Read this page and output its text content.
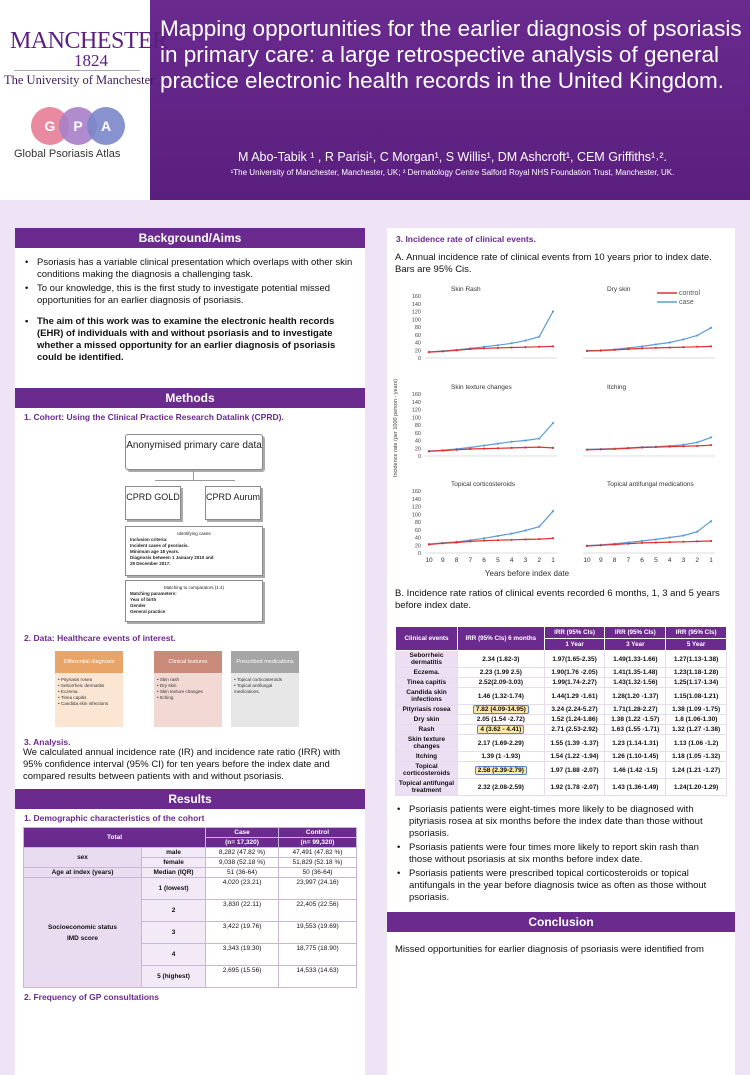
MANCHESTER
1824
The University of Manchester
G P A
Global Psoriasis Atlas
Mapping opportunities for the earlier diagnosis of psoriasis in primary care: a large retrospective analysis of general practice electronic health records in the United Kingdom.
M Abo-Tabik ¹ , R Parisi¹, C Morgan¹, S Willis¹, DM Ashcroft¹, CEM Griffiths¹˒².
¹The University of Manchester, Manchester, UK; ² Dermatology Centre Salford Royal NHS Foundation Trust, Manchester, UK.
Background/Aims
• Psoriasis has a variable clinical presentation which overlaps with other skin conditions making the diagnosis a challenging task.
• To our knowledge, this is the first study to investigate potential missed opportunities for an earlier diagnosis of psoriasis.
• The aim of this work was to examine the electronic health records (EHR) of individuals with and without psoriasis and to investigate whether a missed opportunity for an earlier diagnosis of psoriasis could be identified.
Methods
1. Cohort: Using the Clinical Practice Research Datalink (CPRD).
Anonymised primary care data
CPRD GOLD	CPRD Aurum
Identifying cases
Inclusion criteria:
Incident cases of psoriasis.
Minimum age 18 years.
Diagnosis between 1 January 2010 and
29 December 2017.
Matching to comparators (1:4)
Matching parameters:
Year of birth
Gender
General practice
2. Data: Healthcare events of interest.
Differential diagnosis
• Pityriasis rosea
• Seborrheic dermatitis
• Eczema.
• Tinea capitis
• Candida skin infections
Clinical features
• Skin rash
• Dry skin
• Skin texture changes
• Itching
Prescribed medications
• Topical corticosteroids
• Topical antifungal medications.
3. Analysis.
We calculated annual incidence rate (IR) and incidence rate ratio (IRR) with 95% confidence interval (95% CI) for ten years before the index date and compared results between patients with and without psoriasis.
Results
1. Demographic characteristics of the cohort
Total		Case	Control
		(n= 17,320)	(n= 99,320)
sex	male	8,282 (47.82 %)	47,491 (47.82 %)
	female	9,038 (52.18 %)	51,829 (52.18 %)
Age at index (years)	Median (IQR)	51 (36-64)	50 (36-64)

Socioeconomic status
IMD score	1 (lowest)	4,020 (23.21)	23,997 (24.16)
	2	3,830 (22.11)	22,405 (22.56)
	3	3,422 (19.76)	19,553 (19.69)
	4	3,343 (19.30)	18,775 (18.90)
	5 (highest)	2,695 (15.56)	14,533 (14.63)
2. Frequency of GP consultations
3. Incidence rate of clinical events.
A. Annual incidence rate of clinical events from 10 years prior to index date. Bars are 95% Cis.
Skin Rash
0
20
40
60
80
100
120
140
160
Dry skin
Skin texture changes
0
20
40
60
80
100
120
140
160
Itching
Topical corticosteroids
0
20
40
60
80
100
120
140
160
10 9 8 7 6 5 4 3 2 1
Topical antifungal medications
10 9 8 7 6 5 4 3 2 1
control
case
Incidence rate (per 1000 person - years)
Years before index date
B. Incidence rate ratios of clinical events recorded 6 months, 1, 3 and 5 years before index date.
Clinical events	IRR (95% CIs) 6 months	IRR (95% CIs)	IRR (95% CIs)	IRR (95% CIs)
		1 Year	3 Year	5 Year
Seborrheic dermatitis	2.34 (1.82-3)	1.97(1.65-2.35)	1.49(1.33-1.66)	1.27(1.13-1.38)
Eczema.	2.23 (1.99 2.5)	1.90(1.76 -2.05)	1.41(1.35-1.48)	1.23(1.18-1.28)
Tinea capitis	2.52(2.09-3.03)	1.99(1.74-2.27)	1.43(1.32-1.56)	1.25(1.17-1.34)
Candida skin infections	1.46 (1.32-1.74)	1.44(1.29 -1.61)	1.28(1.20 -1.37)	1.15(1.08-1.21)
Pityriasis rosea	7.82 (4.09-14.95)	3.24 (2.24-5.27)	1.71(1.28-2.27)	1.38 (1.09 -1.75)
Dry skin	2.05 (1.54 -2.72)	1.52 (1.24-1.86)	1.38 (1.22 -1.57)	1.8 (1.06-1.30)
Rash	4 (3.62 - 4.41)	2.71 (2.53-2.92)	1.63 (1.55 -1.71)	1.32 (1.27 -1.38)
Skin texture changes	2.17 (1.69-2.29)	1.55 (1.39 -1.37)	1.23 (1.14-1.31)	1.13 (1.06 -1.2)
Itching	1.39 (1 -1.93)	1.54 (1.22 -1.94)	1.26 (1.10-1.45)	1.18 (1.05 -1.32)
Topical corticosteroids	2.58 (2.39-2.79)	1.97 (1.88 -2.07)	1.46 (1.42 -1.5)	1.24 (1.21 -1.27)
Topical antifungal treatment	2.32 (2.08-2.59)	1.92 (1.78 -2.07)	1.43 (1.36-1.49)	1.24(1.20-1.29)
• Psoriasis patients were eight-times more likely to be diagnosed with pityriasis rosea at six months before the index date than those without psoriasis.
• Psoriasis patients were four times more likely to report skin rash than those without psoriasis at six months before index date.
• Psoriasis patients were prescribed topical corticosteroids or topical antifungals in the year before diagnosis twice as often as those without psoriasis.
Conclusion
Missed opportunities for earlier diagnosis of psoriasis were identified from
